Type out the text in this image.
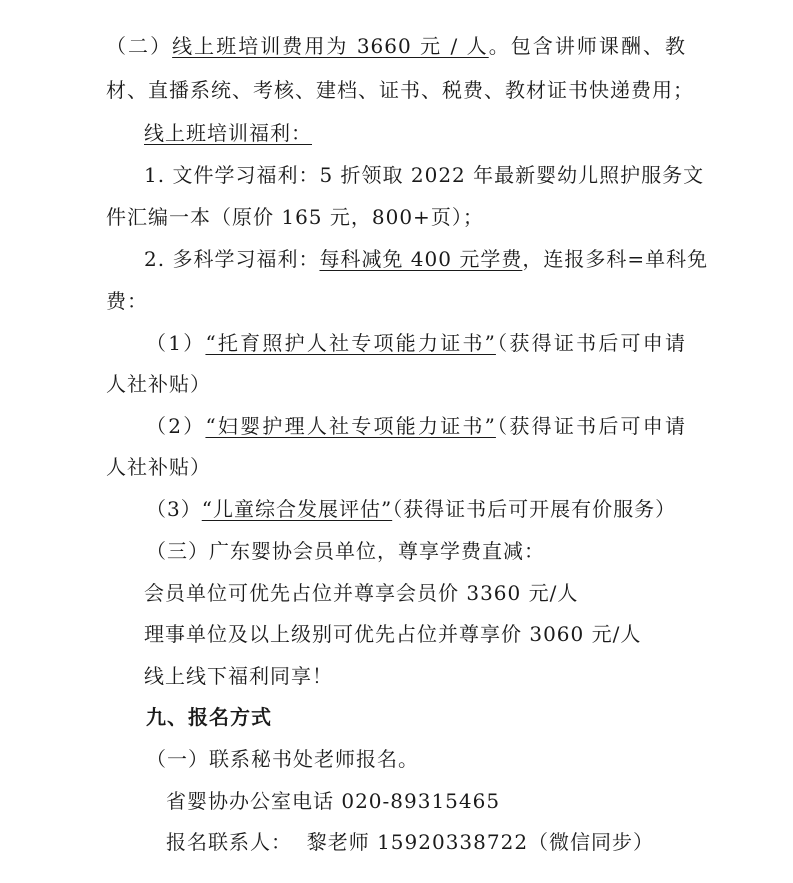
（二）线上班培训费用为 3660 元 / 人。包含讲师课酬、教
材、直播系统、考核、建档、证书、税费、教材证书快递费用；
线上班培训福利：
1. 文件学习福利：5 折领取 2022 年最新婴幼儿照护服务文
件汇编一本（原价 165 元，800+页）；
2. 多科学习福利：每科减免 400 元学费，连报多科=单科免
费：
（1）“托育照护人社专项能力证书”（获得证书后可申请
人社补贴）
（2）“妇婴护理人社专项能力证书”（获得证书后可申请
人社补贴）
（3）“儿童综合发展评估”（获得证书后可开展有价服务）
（三）广东婴协会员单位，尊享学费直减：
会员单位可优先占位并尊享会员价 3360 元/人
理事单位及以上级别可优先占位并尊享价 3060 元/人
线上线下福利同享！
九、报名方式
（一）联系秘书处老师报名。
省婴协办公室电话 020-89315465
报名联系人：  黎老师 15920338722（微信同步）
